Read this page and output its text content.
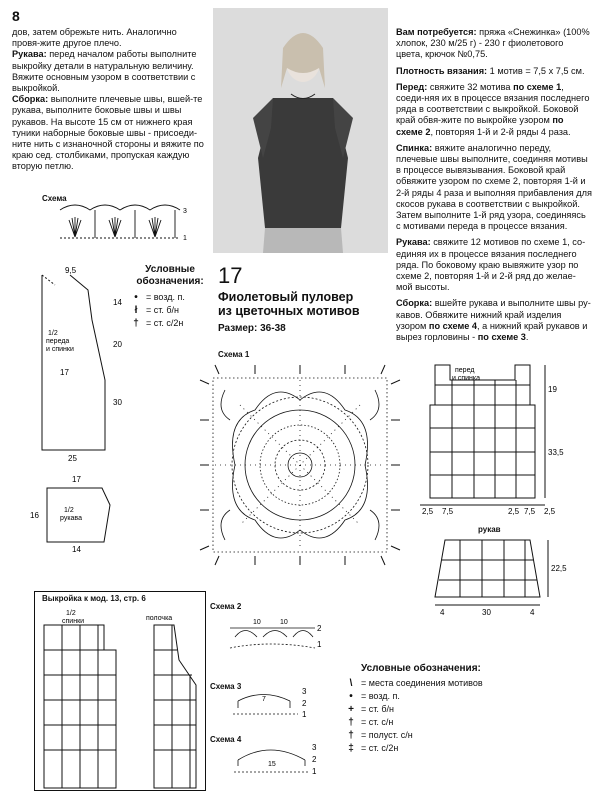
8

дов, затем обрежьте нить. Аналогично провя-жите другое плечо.

Рукава: перед началом работы выполните выкройку детали в натуральную величину. Вяжите основным узором в соответствии с выкройкой.

Сборка: выполните плечевые швы, вшей-те рукава, выполните боковые швы и швы рукавов. На высоте 15 см от нижнего края туники наборные боковые швы - присоеди-ните нить с изнаночной стороны и вяжите по краю сед. столбиками, пропуская каждую вторую петлю.

Схема
3
1
Условные обозначения:
• = возд. п.
ł = ст. б/н
† = ст. с/2н
9,5
14
20
17
30
25
1/2 переда и спинки
17
16
14
1/2 рукава
17
Фиолетовый пуловер
из цветочных мотивов
Размер: 36-38
Схема 1

Вам потребуется: пряжа «Снежинка» (100% хлопок, 230 м/25 г) - 230 г фиолетового цвета, крючок №0,75.

Плотность вязания: 1 мотив = 7,5 х 7,5 см.

Перед: свяжите 32 мотива по схеме 1, соеди-няя их в процессе вязания последнего ряда в соответствии с выкройкой. Боковой край обвя-жите по выкройке узором по схеме 2, повторяя 1-й и 2-й ряды 4 раза.

Спинка: вяжите аналогично переду, плечевые швы выполните, соединяя мотивы в процессе вывязывания. Боковой край обвяжите узором по схеме 2, повторяя 1-й и 2-й ряды 4 раза и выполняя прибавления для скосов рукава в соответствии с выкройкой. Затем выполните 1-й ряд узора, соединяясь с мотивами переда в процессе вязания.

Рукава: свяжите 12 мотивов по схеме 1, со-единяя их в процессе вязания последнего ряда. По боковому краю вывяжите узор по схеме 2, повторяя 1-й и 2-й ряд до желае-мой высоты.

Сборка: вшейте рукава и выполните швы ру-кавов. Обвяжите нижний край изделия узором по схеме 4, а нижний край рукавов и вырез горловины - по схеме 3.

перед
и спинка
19
33,5
2,5 7,5	2,5 7,5 2,5
рукав
22,5
4	30	4
Выкройка к мод. 13, стр. 6
1/2 спинки	полочка
Схема 2
10	10
2
1
Схема 3
7
3
2
1
Схема 4
15
3
2
1
Условные обозначения:
\ = места соединения мотивов
• = возд. п.
+ = ст. б/н
† = ст. с/н
† = полуст. с/н
‡ = ст. с/2н
